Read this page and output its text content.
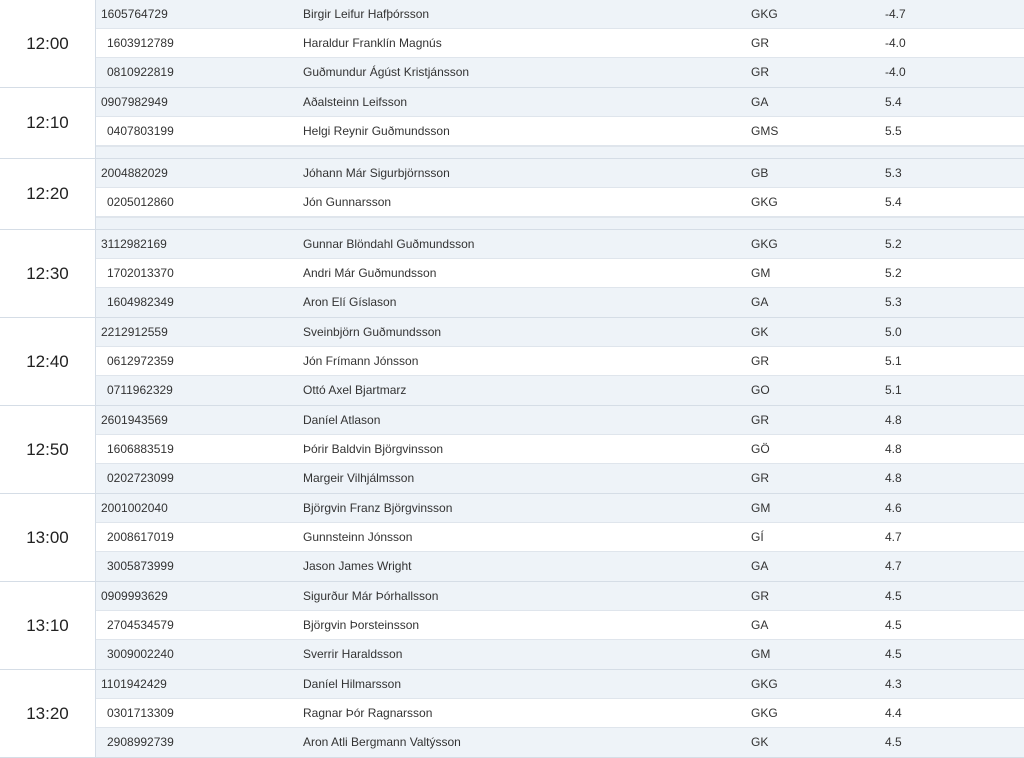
12:00
1605764729	Birgir Leifur Hafþórsson	GKG	-4.7
1603912789	Haraldur Franklín Magnús	GR	-4.0
0810922819	Guðmundur Ágúst Kristjánsson	GR	-4.0
12:10
0907982949	Aðalsteinn Leifsson	GA	5.4
0407803199	Helgi Reynir Guðmundsson	GMS	5.5
12:20
2004882029	Jóhann Már Sigurbjörnsson	GB	5.3
0205012860	Jón Gunnarsson	GKG	5.4
12:30
3112982169	Gunnar Blöndahl Guðmundsson	GKG	5.2
1702013370	Andri Már Guðmundsson	GM	5.2
1604982349	Aron Elí Gíslason	GA	5.3
12:40
2212912559	Sveinbjörn Guðmundsson	GK	5.0
0612972359	Jón Frímann Jónsson	GR	5.1
0711962329	Ottó Axel Bjartmarz	GO	5.1
12:50
2601943569	Daníel Atlason	GR	4.8
1606883519	Þórir Baldvin Björgvinsson	GÖ	4.8
0202723099	Margeir Vilhjálmsson	GR	4.8
13:00
2001002040	Björgvin Franz Björgvinsson	GM	4.6
2008617019	Gunnsteinn Jónsson	GÍ	4.7
3005873999	Jason James Wright	GA	4.7
13:10
0909993629	Sigurður Már Þórhallsson	GR	4.5
2704534579	Björgvin Þorsteinsson	GA	4.5
3009002240	Sverrir Haraldsson	GM	4.5
13:20
1101942429	Daníel Hilmarsson	GKG	4.3
0301713309	Ragnar Þór Ragnarsson	GKG	4.4
2908992739	Aron Atli Bergmann Valtýsson	GK	4.5
